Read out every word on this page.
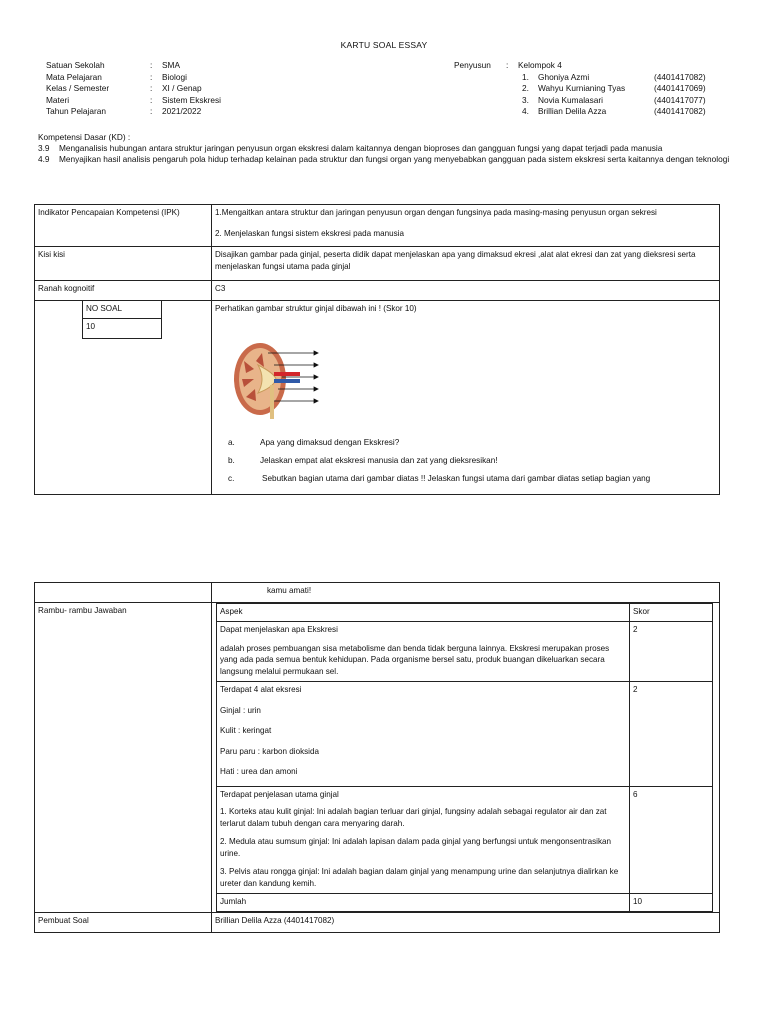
KARTU SOAL ESSAY
Satuan Sekolah	: SMA
Mata Pelajaran	: Biologi
Kelas / Semester	: XI / Genap
Materi	: Sistem Ekskresi
Tahun Pelajaran	: 2021/2022
Penyusun : Kelompok 4
1. Ghoniya Azmi	(4401417082)
2. Wahyu Kurnianing Tyas	(4401417069)
3. Novia Kumalasari	(4401417077)
4. Brillian Delila Azza	(4401417082)
Kompetensi Dasar (KD) :
3.9	Menganalisis hubungan antara struktur jaringan penyusun organ ekskresi dalam kaitannya dengan bioproses dan gangguan fungsi yang dapat terjadi pada manusia
4.9	Menyajikan hasil analisis pengaruh pola hidup terhadap kelainan pada struktur dan fungsi organ yang menyebabkan gangguan pada sistem ekskresi serta kaitannya dengan teknologi
Indikator Pencapaian Kompetensi (IPK)	1.Mengaitkan antara struktur dan jaringan penyusun organ dengan fungsinya pada masing-masing penyusun organ sekresi
2. Menjelaskan fungsi sistem ekskresi pada manusia

Kisi kisi	Disajikan gambar pada ginjal, peserta didik dapat menjelaskan apa yang dimaksud ekresi ,alat alat ekresi dan zat yang dieksresi serta menjelaskan fungsi utama pada ginjal
Ranah kognoitif	C3

NO SOAL
10

Perhatikan gambar struktur ginjal dibawah ini ! (Skor 10)
a.	Apa yang dimaksud dengan Ekskresi?
b.	Jelaskan empat alat ekskresi manusia dan zat yang dieksresikan!
c.	Sebutkan bagian utama dari gambar diatas !! Jelaskan fungsi utama dari gambar diatas setiap bagian yang
	kamu amati!
Rambu- rambu Jawaban		Aspek	Skor

Dapat menjelaskan apa Ekskresi

adalah proses pembuangan sisa metabolisme dan benda tidak berguna lainnya. Ekskresi merupakan proses yang ada pada semua bentuk kehidupan. Pada organisme bersel satu, produk buangan dikeluarkan secara langsung melalui permukaan sel.

	2

Terdapat 4 alat eksresi

Ginjal : urin

Kulit : keringat

Paru paru : karbon dioksida

Hati : urea dan amoni

	2

Terdapat penjelasan utama ginjal

1. Korteks atau kulit ginjal: Ini adalah bagian terluar dari ginjal, fungsiny adalah sebagai regulator air dan zat terlarut dalam tubuh dengan cara menyaring darah.

2. Medula atau sumsum ginjal: Ini adalah lapisan dalam pada ginjal yang berfungsi untuk mengonsentrasikan urine.

3. Pelvis atau rongga ginjal: Ini adalah bagian dalam ginjal yang menampung urine dan selanjutnya dialirkan ke ureter dan kandung kemih.

	6
Jumlah	10

Pembuat Soal	Brillian Delila Azza (4401417082)
